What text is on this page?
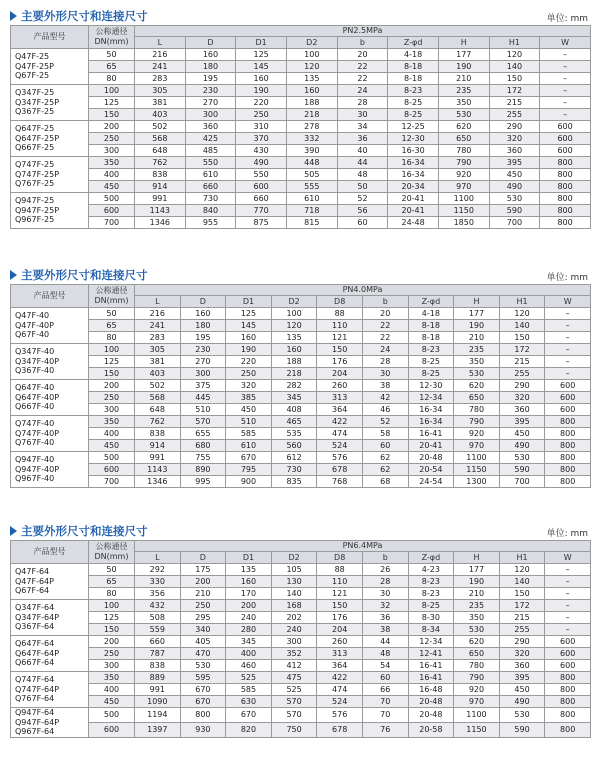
主要外形尺寸和连接尺寸	单位: mm
产品型号	公称通径
DN(mm)	PN2.5MPa								
		L	D	D1	D2	b	Z-φd	H	H1	W

Q47F-25
Q47F-25P
Q67F-25	50	216	160	125	100	20	4-18	177	120	–
	65	241	180	145	120	22	8-18	190	140	–
	80	283	195	160	135	22	8-18	210	150	–

Q347F-25
Q347F-25P
Q367F-25	100	305	230	190	160	24	8-23	235	172	–
	125	381	270	220	188	28	8-25	350	215	–
	150	403	300	250	218	30	8-25	530	255	–

Q647F-25
Q647F-25P
Q667F-25	200	502	360	310	278	34	12-25	620	290	600
	250	568	425	370	332	36	12-30	650	320	600
	300	648	485	430	390	40	16-30	780	360	600

Q747F-25
Q747F-25P
Q767F-25	350	762	550	490	448	44	16-34	790	395	800
	400	838	610	550	505	48	16-34	920	450	800
	450	914	660	600	555	50	20-34	970	490	800

Q947F-25
Q947F-25P
Q967F-25	500	991	730	660	610	52	20-41	1100	530	800
	600	1143	840	770	718	56	20-41	1150	590	800
	700	1346	955	875	815	60	24-48	1850	700	800
主要外形尺寸和连接尺寸	单位: mm
产品型号	公称通径
DN(mm)	PN4.0MPa									
		L	D	D1	D2	D8	b	Z-φd	H	H1	W

Q47F-40
Q47F-40P
Q67F-40	50	216	160	125	100	88	20	4-18	177	120	–
	65	241	180	145	120	110	22	8-18	190	140	–
	80	283	195	160	135	121	22	8-18	210	150	–

Q347F-40
Q347F-40P
Q367F-40	100	305	230	190	160	150	24	8-23	235	172	–
	125	381	270	220	188	176	28	8-25	350	215	–
	150	403	300	250	218	204	30	8-25	530	255	–

Q647F-40
Q647F-40P
Q667F-40	200	502	375	320	282	260	38	12-30	620	290	600
	250	568	445	385	345	313	42	12-34	650	320	600
	300	648	510	450	408	364	46	16-34	780	360	600

Q747F-40
Q747F-40P
Q767F-40	350	762	570	510	465	422	52	16-34	790	395	800
	400	838	655	585	535	474	58	16-41	920	450	800
	450	914	680	610	560	524	60	20-41	970	490	800

Q947F-40
Q947F-40P
Q967F-40	500	991	755	670	612	576	62	20-48	1100	530	800
	600	1143	890	795	730	678	62	20-54	1150	590	800
	700	1346	995	900	835	768	68	24-54	1300	700	800
主要外形尺寸和连接尺寸	单位: mm
产品型号	公称通径
DN(mm)	PN6.4MPa									
		L	D	D1	D2	D8	b	Z-φd	H	H1	W

Q47F-64
Q47F-64P
Q67F-64	50	292	175	135	105	88	26	4-23	177	120	–
	65	330	200	160	130	110	28	8-23	190	140	–
	80	356	210	170	140	121	30	8-23	210	150	–

Q347F-64
Q347F-64P
Q367F-64	100	432	250	200	168	150	32	8-25	235	172	–
	125	508	295	240	202	176	36	8-30	350	215	–
	150	559	340	280	240	204	38	8-34	530	255	–

Q647F-64
Q647F-64P
Q667F-64	200	660	405	345	300	260	44	12-34	620	290	600
	250	787	470	400	352	313	48	12-41	650	320	600
	300	838	530	460	412	364	54	16-41	780	360	600

Q747F-64
Q747F-64P
Q767F-64	350	889	595	525	475	422	60	16-41	790	395	800
	400	991	670	585	525	474	66	16-48	920	450	800
	450	1090	670	630	570	524	70	20-48	970	490	800

Q947F-64
Q947F-64P
Q967F-64	500	1194	800	670	570	576	70	20-48	1100	530	800
	600	1397	930	820	750	678	76	20-58	1150	590	800
